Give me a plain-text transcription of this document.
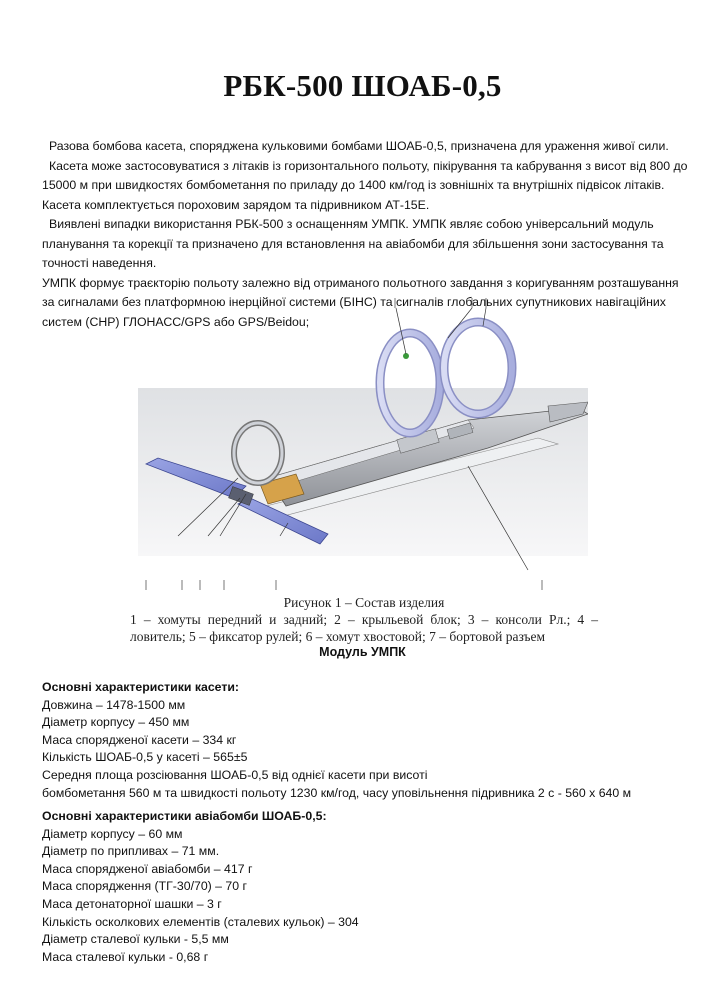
РБК-500 ШОАБ-0,5

Разова бомбова касета, споряджена кульковими бомбами ШОАБ-0,5, призначена для ураження живої сили.

Касета може застосовуватися з літаків із горизонтального польоту, пікірування та кабрування з висот від 800 до 15000 м при швидкостях бомбометання по приладу до 1400 км/год із зовнішніх та внутрішніх підвісок літаків.

Касета комплектується пороховим зарядом та підривником АТ-15Е.

Виявлені випадки використання РБК-500 з оснащенням УМПК. УМПК являє собою універсальний модуль планування та корекції та призначено для встановлення на авіабомби для збільшення зони застосування та точності наведення.

УМПК формує траєкторію польоту залежно від отриманого польотного завдання з коригуванням розташування за сигналами без платформною інерційної системи (БІНС) та сигналів глобальних супутникових навігаційних систем (СНР) ГЛОНАСС/GPS або GPS/Beidou;

Рисунок 1 – Состав изделия
1 – хомуты передний и задний; 2 – крыльевой блок; 3 – консоли Рл.; 4 – ловитель; 5 – фиксатор рулей; 6 – хомут хвостовой; 7 – бортовой разъем
Модуль УМПК
Основні характеристики касети:
Довжина – 1478-1500 мм
Діаметр корпусу – 450 мм
Маса спорядженої касети – 334 кг
Кількість ШОАБ-0,5 у касеті – 565±5
Середня площа розсіювання ШОАБ-0,5 від однієї касети при висоті
бомбометання 560 м та швидкості польоту 1230 км/год, часу уповільнення підривника 2 с - 560 х 640 м
Основні характеристики авіабомби ШОАБ-0,5:
Діаметр корпусу – 60 мм
Діаметр по припливах – 71 мм.
Маса спорядженої авіабомби – 417 г
Маса спорядження (ТГ-30/70) – 70 г
Маса детонаторної шашки – 3 г
Кількість осколкових елементів (сталевих кульок) – 304
Діаметр сталевої кульки - 5,5 мм
Маса сталевої кульки - 0,68 г
